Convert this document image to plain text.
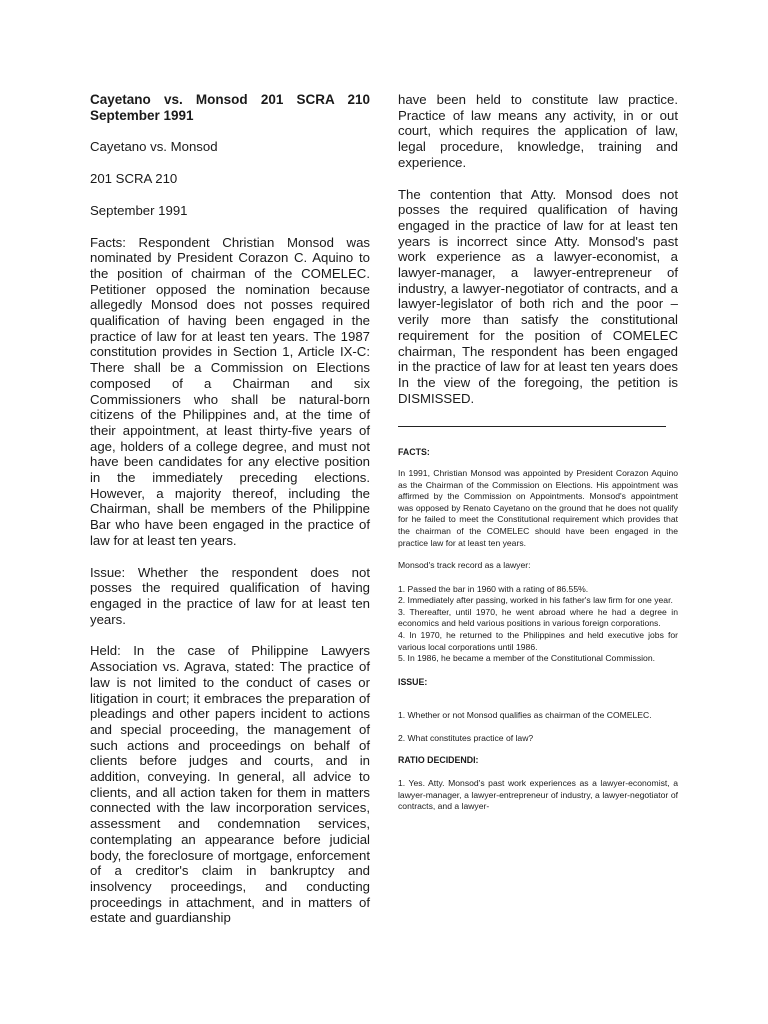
Cayetano vs. Monsod 201 SCRA 210 September 1991

Cayetano vs. Monsod

201 SCRA 210

September 1991

Facts: Respondent Christian Monsod was nominated by President Corazon C. Aquino to the position of chairman of the COMELEC. Petitioner opposed the nomination because allegedly Monsod does not posses required qualification of having been engaged in the practice of law for at least ten years. The 1987 constitution provides in Section 1, Article IX-C: There shall be a Commission on Elections composed of a Chairman and six Commissioners who shall be natural-born citizens of the Philippines and, at the time of their appointment, at least thirty-five years of age, holders of a college degree, and must not have been candidates for any elective position in the immediately preceding elections. However, a majority thereof, including the Chairman, shall be members of the Philippine Bar who have been engaged in the practice of law for at least ten years.

Issue: Whether the respondent does not posses the required qualification of having engaged in the practice of law for at least ten years.

Held: In the case of Philippine Lawyers Association vs. Agrava, stated: The practice of law is not limited to the conduct of cases or litigation in court; it embraces the preparation of pleadings and other papers incident to actions and special proceeding, the management of such actions and proceedings on behalf of clients before judges and courts, and in addition, conveying. In general, all advice to clients, and all action taken for them in matters connected with the law incorporation services, assessment and condemnation services, contemplating an appearance before judicial body, the foreclosure of mortgage, enforcement of a creditor's claim in bankruptcy and insolvency proceedings, and conducting proceedings in attachment, and in matters of estate and guardianship

have been held to constitute law practice. Practice of law means any activity, in or out court, which requires the application of law, legal procedure, knowledge, training and experience.

The contention that Atty. Monsod does not posses the required qualification of having engaged in the practice of law for at least ten years is incorrect since Atty. Monsod's past work experience as a lawyer-economist, a lawyer-manager, a lawyer-entrepreneur of industry, a lawyer-negotiator of contracts, and a lawyer-legislator of both rich and the poor – verily more than satisfy the constitutional requirement for the position of COMELEC chairman, The respondent has been engaged in the practice of law for at least ten years does In the view of the foregoing, the petition is DISMISSED.

FACTS:

In 1991, Christian Monsod was appointed by President Corazon Aquino as the Chairman of the Commission on Elections. His appointment was affirmed by the Commission on Appointments. Monsod's appointment was opposed by Renato Cayetano on the ground that he does not qualify for he failed to meet the Constitutional requirement which provides that the chairman of the COMELEC should have been engaged in the practice law for at least ten years.

Monsod's track record as a lawyer:

1. Passed the bar in 1960 with a rating of 86.55%.

2. Immediately after passing, worked in his father's law firm for one year.

3. Thereafter, until 1970, he went abroad where he had a degree in economics and held various positions in various foreign corporations.

4. In 1970, he returned to the Philippines and held executive jobs for various local corporations until 1986.

5. In 1986, he became a member of the Constitutional Commission.

ISSUE:

1. Whether or not Monsod qualifies as chairman of the COMELEC.

2. What constitutes practice of law?

RATIO DECIDENDI:

1. Yes. Atty. Monsod's past work experiences as a lawyer-economist, a lawyer-manager, a lawyer-entrepreneur of industry, a lawyer-negotiator of contracts, and a lawyer-
